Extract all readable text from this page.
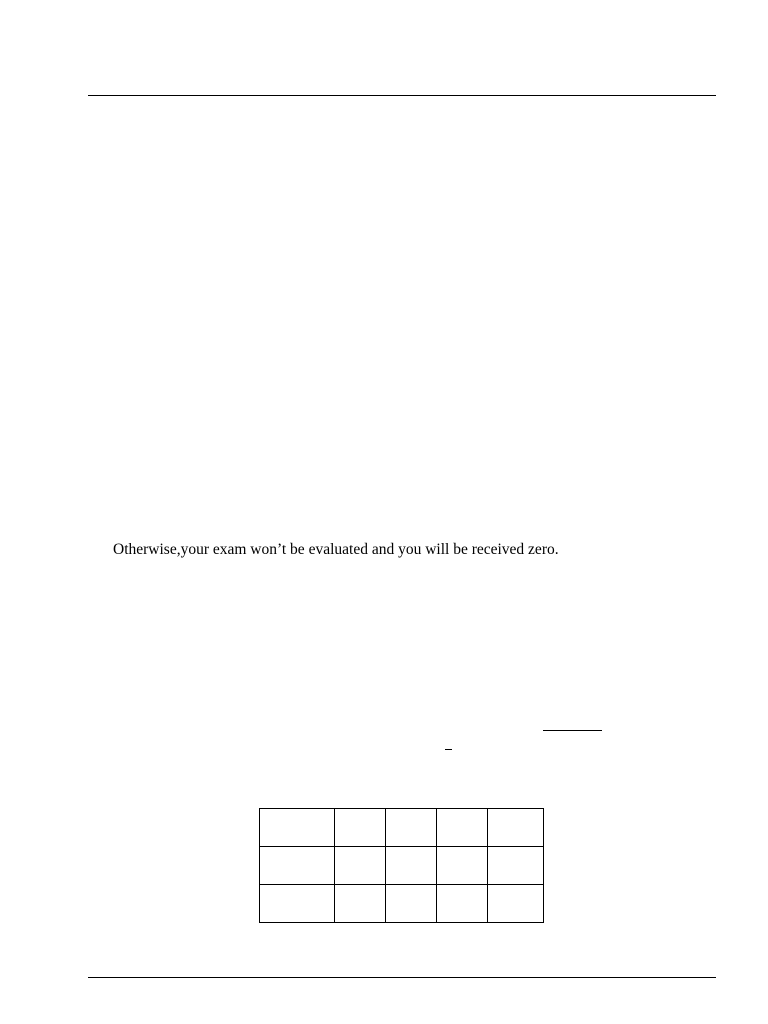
Otherwise,your exam won’t be evaluated and you will be received zero.
